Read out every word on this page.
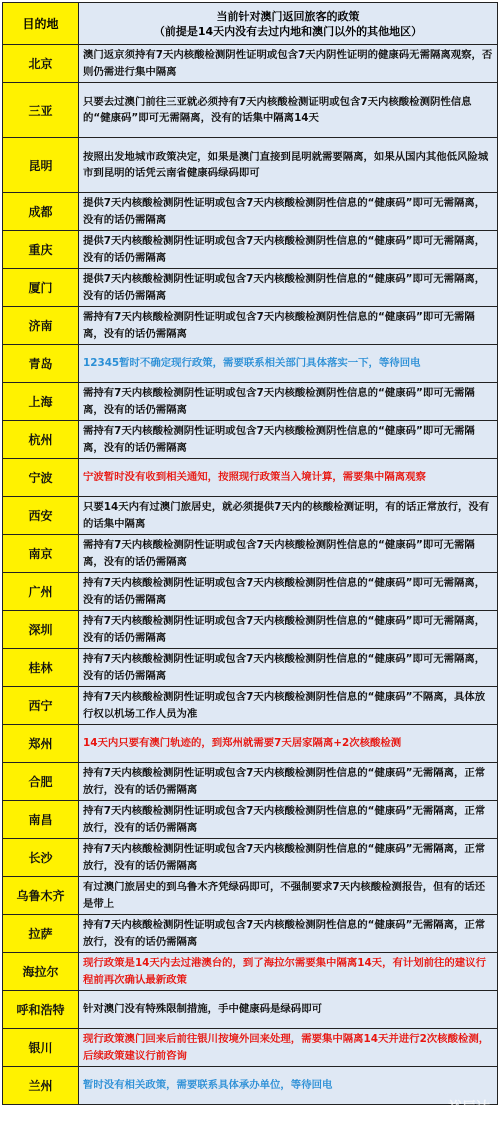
目的地	当前针对澳门返回旅客的政策
（前提是14天内没有去过内地和澳门以外的其他地区）

北京	澳门返京须持有7天内核酸检测阴性证明或包含7天内阴性证明的健康码无需隔离观察，否则仍需进行集中隔离
三亚	只要去过澳门前往三亚就必须持有7天内核酸检测证明或包含7天内核酸检测阴性信息的“健康码”即可无需隔离，没有的话集中隔离14天
昆明	按照出发地城市政策决定，如果是澳门直接到昆明就需要隔离，如果从国内其他低风险城市到昆明的话凭云南省健康码绿码即可
成都	提供7天内核酸检测阴性证明或包含7天内核酸检测阴性信息的“健康码”即可无需隔离，没有的话仍需隔离
重庆	提供7天内核酸检测阴性证明或包含7天内核酸检测阴性信息的“健康码”即可无需隔离，没有的话仍需隔离
厦门	提供7天内核酸检测阴性证明或包含7天内核酸检测阴性信息的“健康码”即可无需隔离，没有的话仍需隔离
济南	需持有7天内核酸检测阴性证明或包含7天内核酸检测阴性信息的“健康码”即可无需隔离，没有的话仍需隔离
青岛	12345暂时不确定现行政策，需要联系相关部门具体落实一下，等待回电
上海	需持有7天内核酸检测阴性证明或包含7天内核酸检测阴性信息的“健康码”即可无需隔离，没有的话仍需隔离
杭州	需持有7天内核酸检测阴性证明或包含7天内核酸检测阴性信息的“健康码”即可无需隔离，没有的话仍需隔离
宁波	宁波暂时没有收到相关通知，按照现行政策当入境计算，需要集中隔离观察
西安	只要14天内有过澳门旅居史，就必须提供7天内的核酸检测证明，有的话正常放行，没有的话集中隔离
南京	需持有7天内核酸检测阴性证明或包含7天内核酸检测阴性信息的“健康码”即可无需隔离，没有的话仍需隔离
广州	持有7天内核酸检测阴性证明或包含7天内核酸检测阴性信息的“健康码”即可无需隔离，没有的话仍需隔离
深圳	持有7天内核酸检测阴性证明或包含7天内核酸检测阴性信息的“健康码”即可无需隔离，没有的话仍需隔离
桂林	持有7天内核酸检测阴性证明或包含7天内核酸检测阴性信息的“健康码”即可无需隔离，没有的话仍需隔离
西宁	持有7天内核酸检测阴性证明或包含7天内核酸检测阴性信息的“健康码”不隔离，具体放行权以机场工作人员为准
郑州	14天内只要有澳门轨迹的，到郑州就需要7天居家隔离+2次核酸检测
合肥	持有7天内核酸检测阴性证明或包含7天内核酸检测阴性信息的“健康码”无需隔离，正常放行，没有的话仍需隔离
南昌	持有7天内核酸检测阴性证明或包含7天内核酸检测阴性信息的“健康码”无需隔离，正常放行，没有的话仍需隔离
长沙	持有7天内核酸检测阴性证明或包含7天内核酸检测阴性信息的“健康码”无需隔离，正常放行，没有的话仍需隔离
乌鲁木齐	有过澳门旅居史的到乌鲁木齐凭绿码即可，不强制要求7天内核酸检测报告，但有的话还是带上
拉萨	持有7天内核酸检测阴性证明或包含7天内核酸检测阴性信息的“健康码”无需隔离，正常放行，没有的话仍需隔离
海拉尔	现行政策是14天内去过港澳台的，到了海拉尔需要集中隔离14天，有计划前往的建议行程前再次确认最新政策
呼和浩特	针对澳门没有特殊限制措施，手中健康码是绿码即可
银川	现行政策澳门回来后前往银川按境外回来处理，需要集中隔离14天并进行2次核酸检测，后续政策建议行前咨询
兰州	暂时没有相关政策，需要联系具体承办单位，等待回电
裕辰达
